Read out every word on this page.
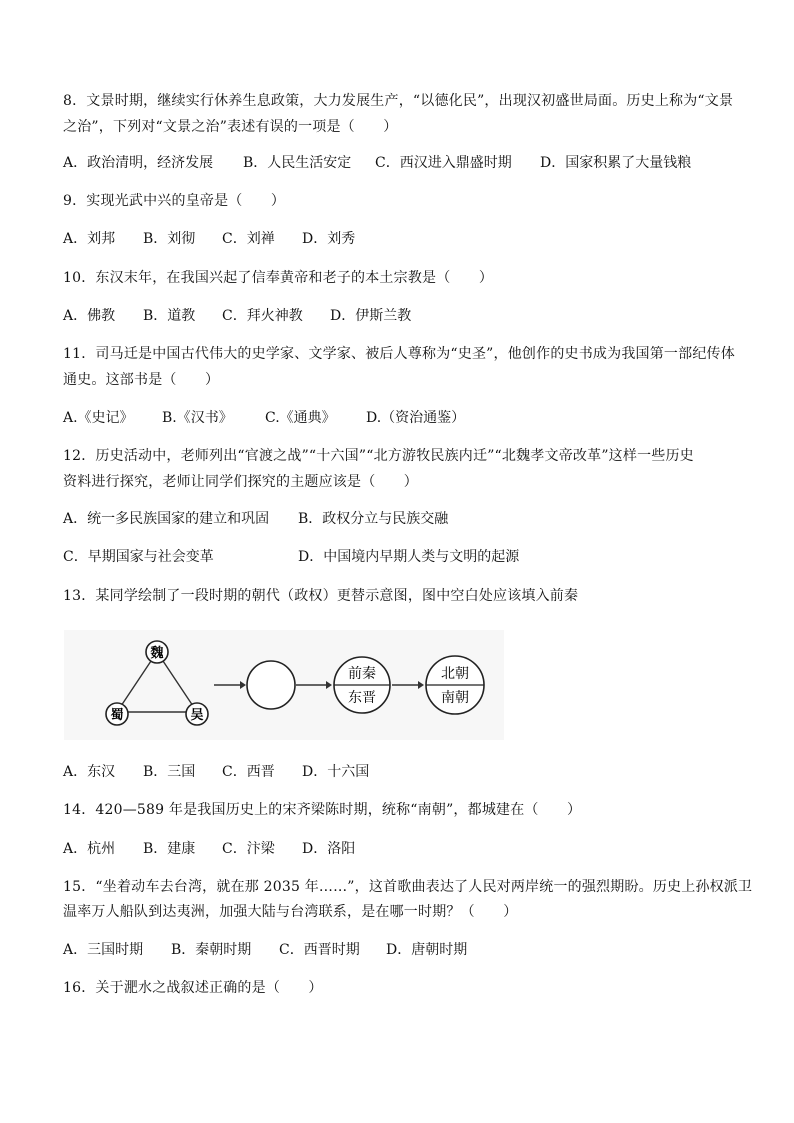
8．文景时期，继续实行休养生息政策，大力发展生产，“以德化民”，出现汉初盛世局面。历史上称为“文景
之治”，下列对“文景之治”表述有误的一项是（　　）
A．政治清明，经济发展 B．人民生活安定 C．西汉进入鼎盛时期 D．国家积累了大量钱粮
9．实现光武中兴的皇帝是（　　）
A．刘邦 B．刘彻 C．刘禅 D．刘秀
10．东汉末年，在我国兴起了信奉黄帝和老子的本土宗教是（　　）
A．佛教 B．道教 C．拜火神教 D．伊斯兰教
11．司马迁是中国古代伟大的史学家、文学家、被后人尊称为“史圣”，他创作的史书成为我国第一部纪传体
通史。这部书是（　　）
A.《史记》 B.《汉书》 C.《通典》 D.（资治通鉴）
12．历史活动中，老师列出“官渡之战”“十六国”“北方游牧民族内迁”“北魏孝文帝改革”这样一些历史
资料进行探究，老师让同学们探究的主题应该是（　　）
A．统一多民族国家的建立和巩固 B．政权分立与民族交融
C．早期国家与社会变革	D．中国境内早期人类与文明的起源
13．某同学绘制了一段时期的朝代（政权）更替示意图，图中空白处应该填入前秦
魏
蜀	吴
前秦
东晋
北朝
南朝
A．东汉 B．三国 C．西晋 D．十六国
14．420—589 年是我国历史上的宋齐梁陈时期，统称“南朝”，都城建在（　　）
A．杭州 B．建康 C．汴梁 D．洛阳
15．“坐着动车去台湾，就在那 2035 年……”，这首歌曲表达了人民对两岸统一的强烈期盼。历史上孙权派卫
温率万人船队到达夷洲，加强大陆与台湾联系，是在哪一时期？（　　）
A．三国时期 B．秦朝时期 C．西晋时期 D．唐朝时期
16．关于淝水之战叙述正确的是（　　）
